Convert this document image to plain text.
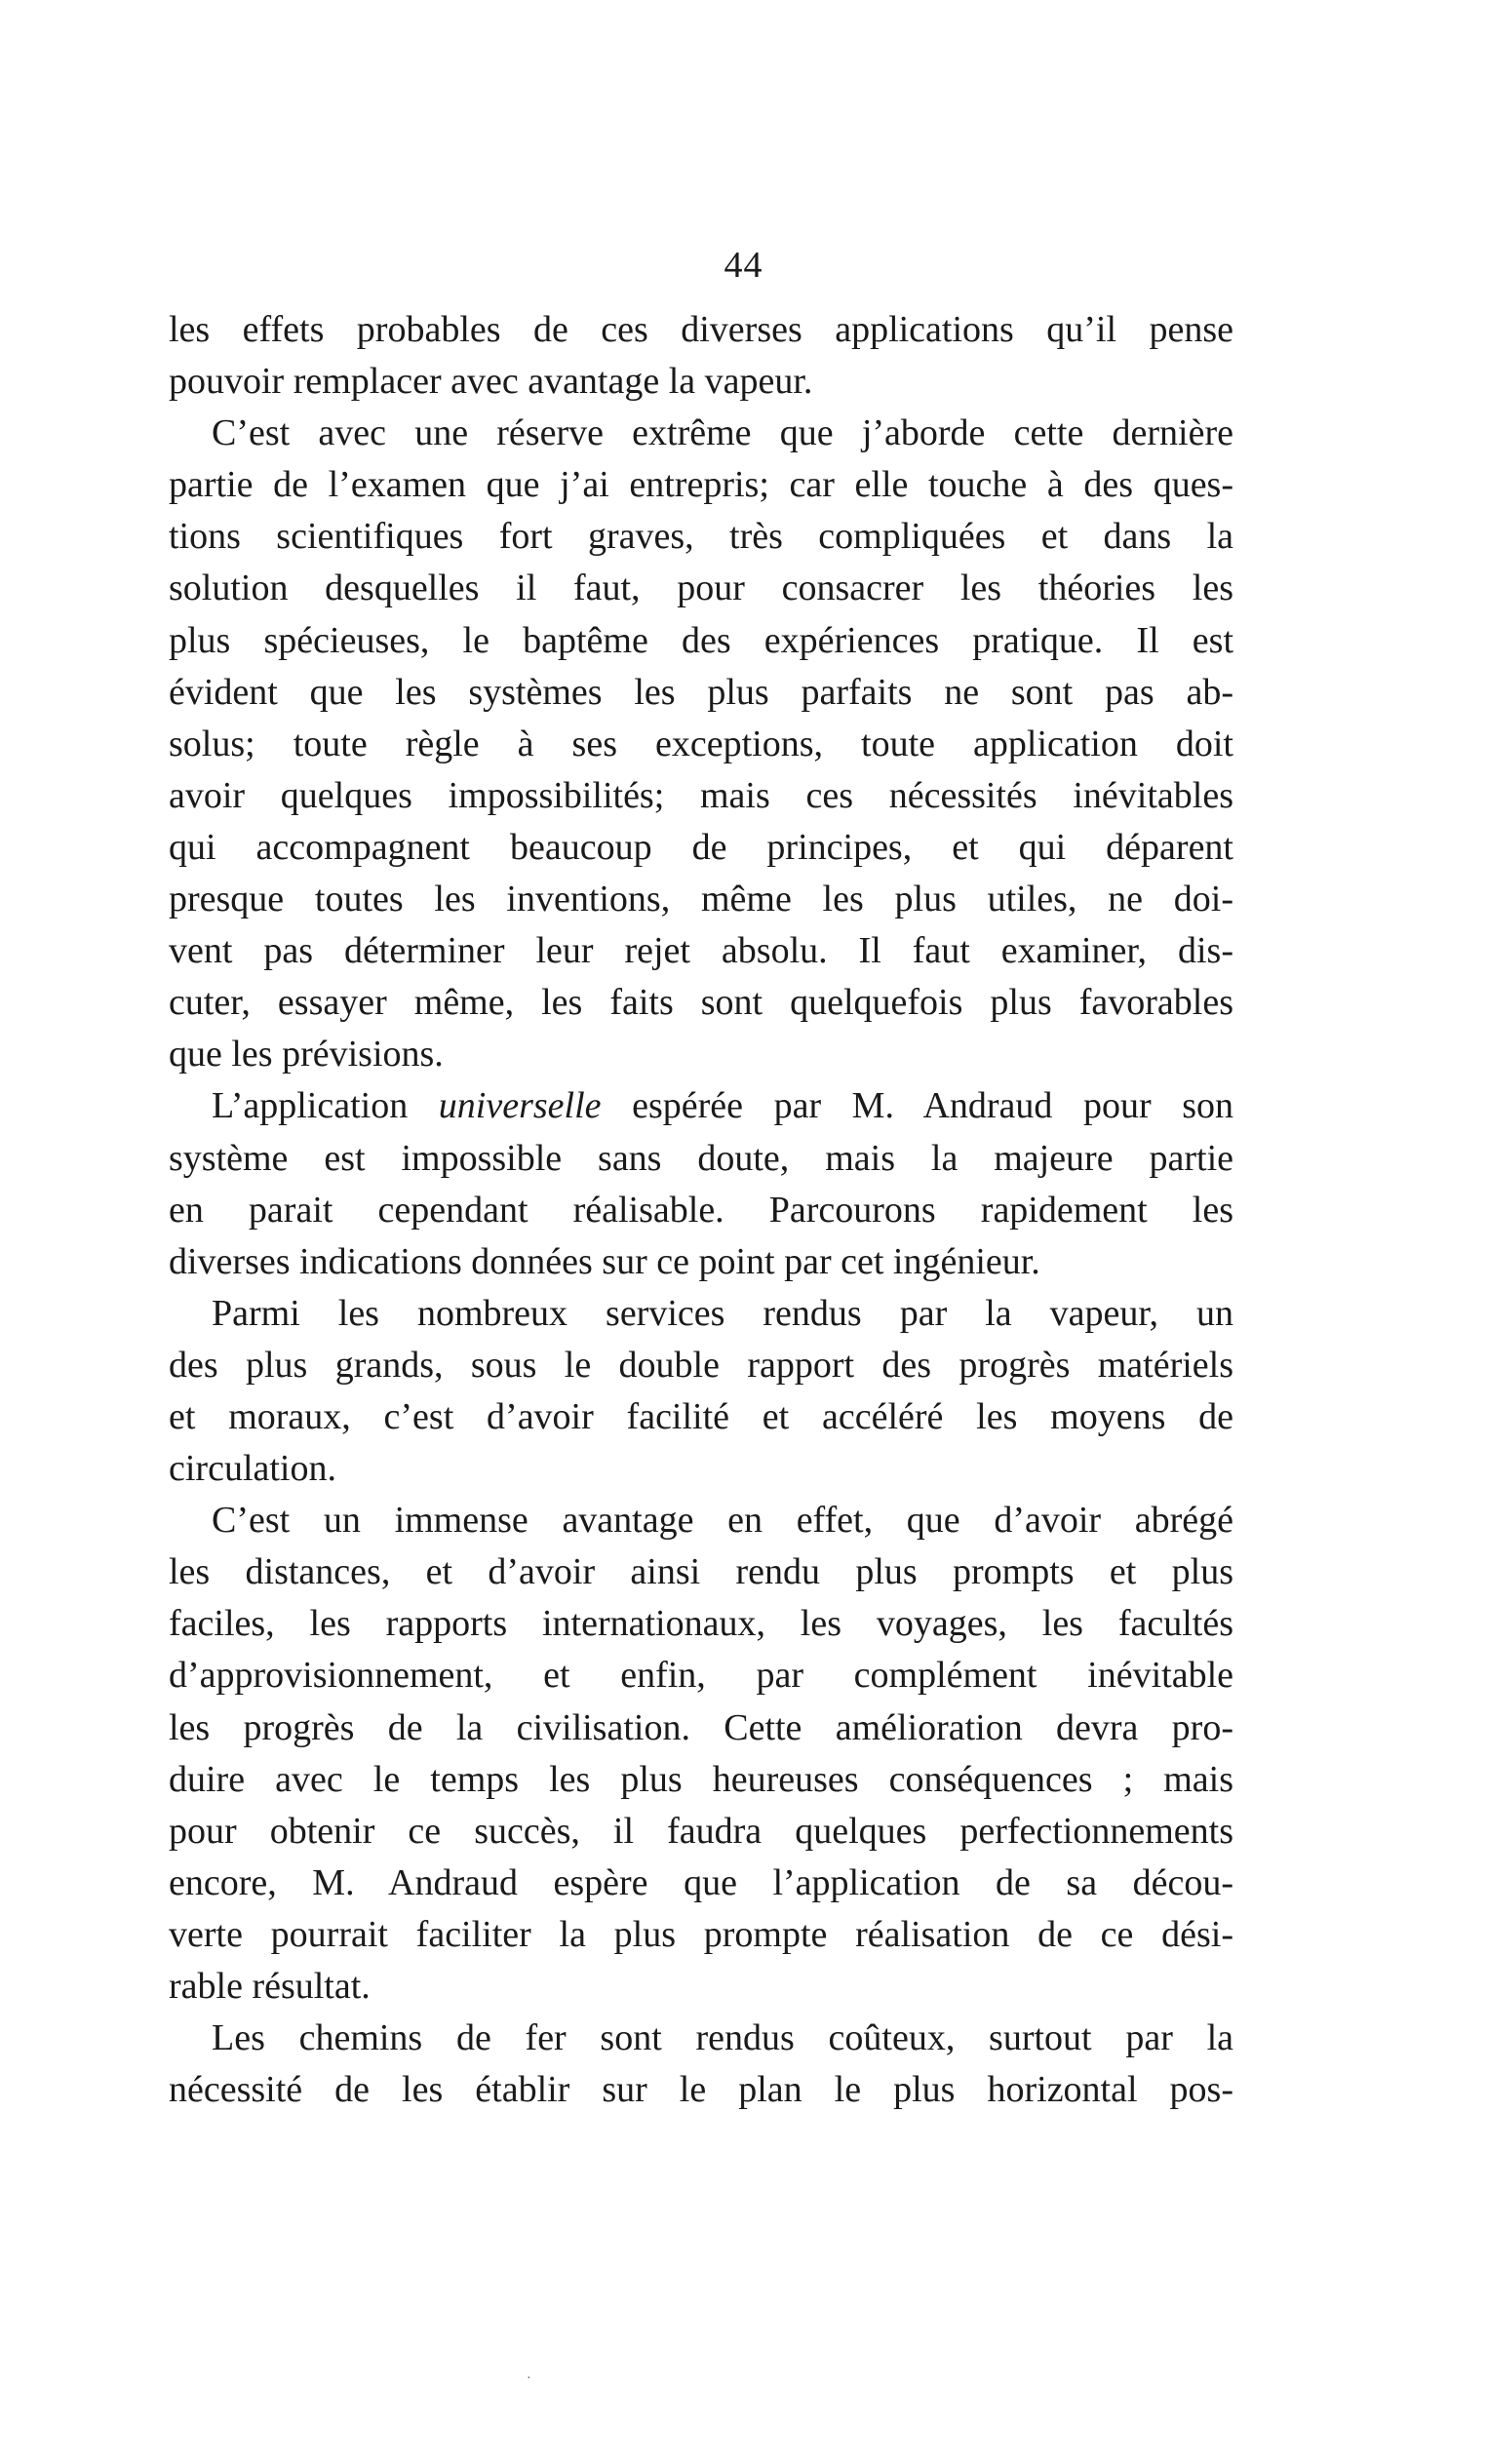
44
les effets probables de ces diverses applications qu’il pense
pouvoir remplacer avec avantage la vapeur.
C’est avec une réserve extrême que j’aborde cette dernière
partie de l’examen que j’ai entrepris; car elle touche à des ques-
tions scientifiques fort graves, très compliquées et dans la
solution desquelles il faut, pour consacrer les théories les
plus spécieuses, le baptême des expériences pratique. Il est
évident que les systèmes les plus parfaits ne sont pas ab-
solus; toute règle à ses exceptions, toute application doit
avoir quelques impossibilités; mais ces nécessités inévitables
qui accompagnent beaucoup de principes, et qui déparent
presque toutes les inventions, même les plus utiles, ne doi-
vent pas déterminer leur rejet absolu. Il faut examiner, dis-
cuter, essayer même, les faits sont quelquefois plus favorables
que les prévisions.
L’application universelle espérée par M. Andraud pour son
système est impossible sans doute, mais la majeure partie
en parait cependant réalisable. Parcourons rapidement les
diverses indications données sur ce point par cet ingénieur.
Parmi les nombreux services rendus par la vapeur, un
des plus grands, sous le double rapport des progrès matériels
et moraux, c’est d’avoir facilité et accéléré les moyens de
circulation.
C’est un immense avantage en effet, que d’avoir abrégé
les distances, et d’avoir ainsi rendu plus prompts et plus
faciles, les rapports internationaux, les voyages, les facultés
d’approvisionnement, et enfin, par complément inévitable
les progrès de la civilisation. Cette amélioration devra pro-
duire avec le temps les plus heureuses conséquences ; mais
pour obtenir ce succès, il faudra quelques perfectionnements
encore, M. Andraud espère que l’application de sa décou-
verte pourrait faciliter la plus prompte réalisation de ce dési-
rable résultat.
Les chemins de fer sont rendus coûteux, surtout par la
nécessité de les établir sur le plan le plus horizontal pos-
·
